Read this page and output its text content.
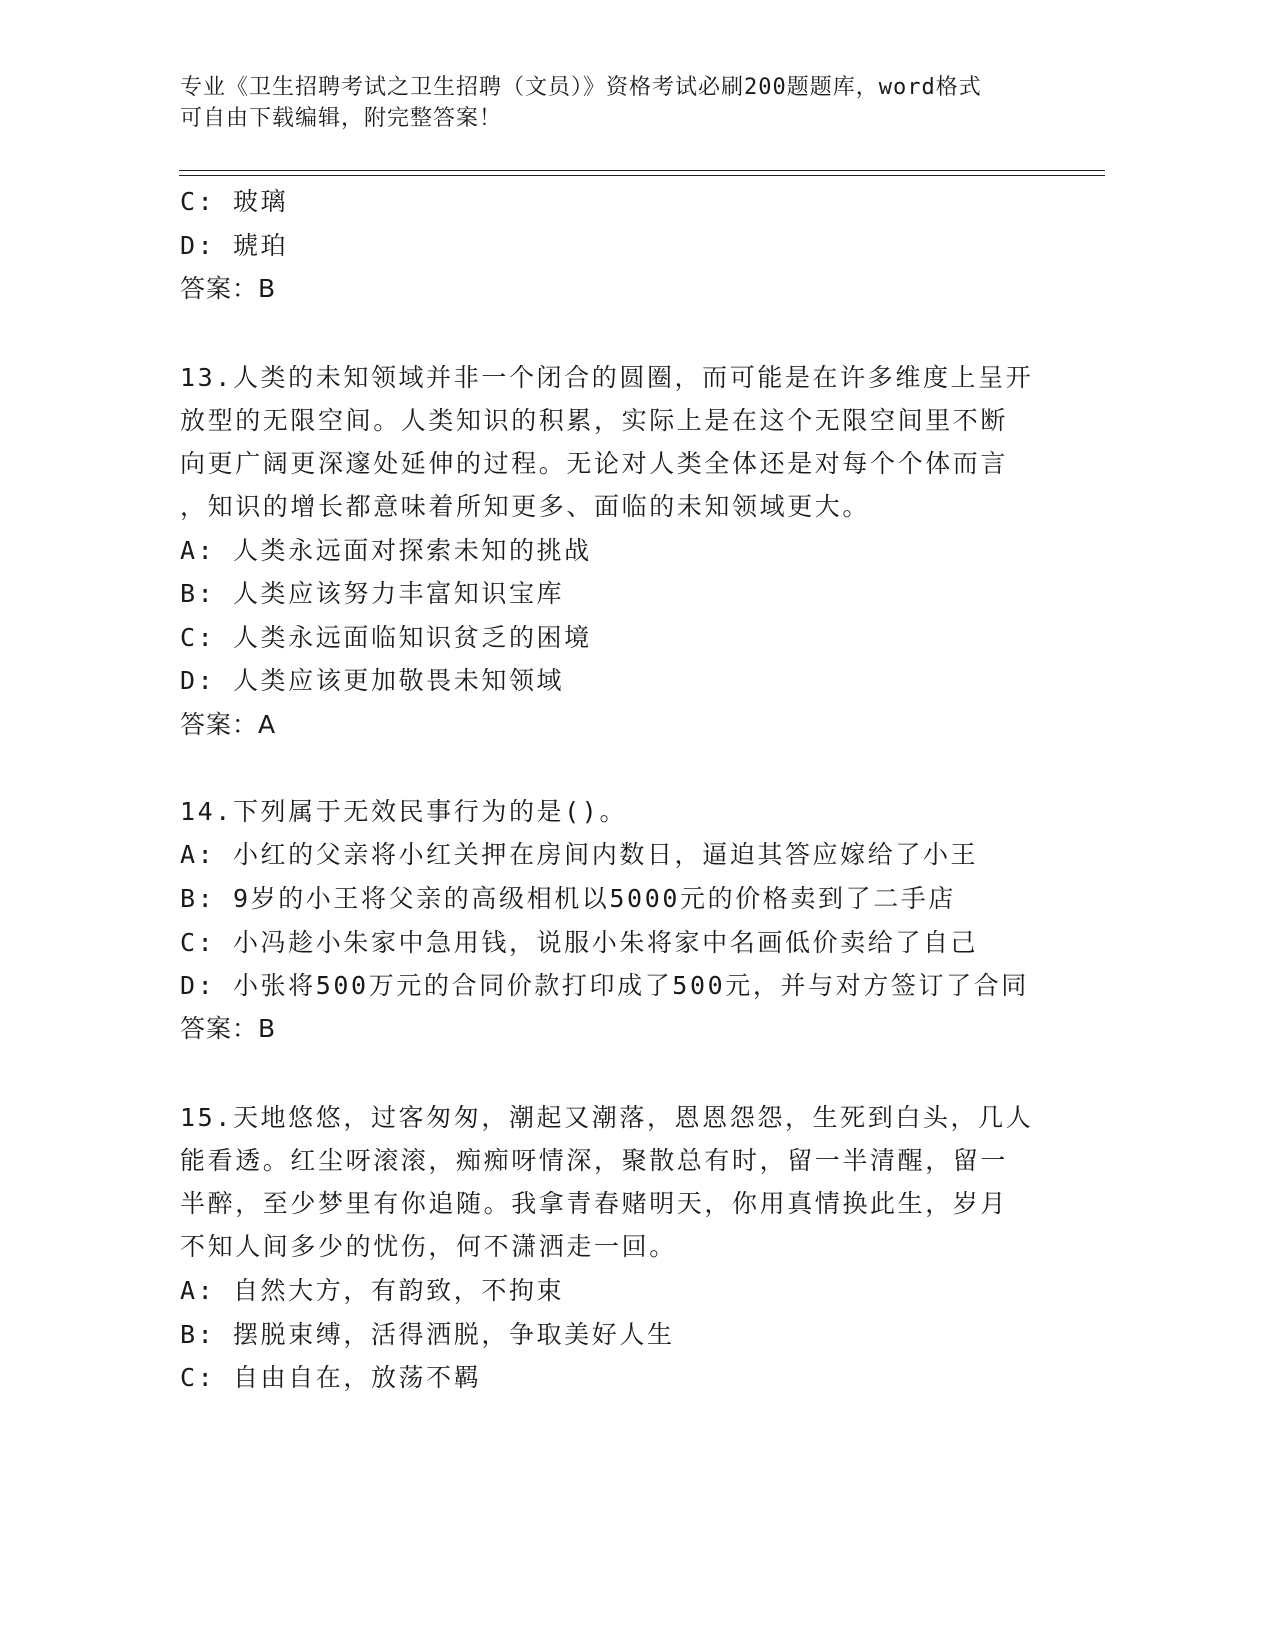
专业《卫生招聘考试之卫生招聘（文员）》资格考试必刷200题题库，word格式
可自由下载编辑，附完整答案！
C: 玻璃
D: 琥珀
答案：B
13.人类的未知领域并非一个闭合的圆圈，而可能是在许多维度上呈开
放型的无限空间。人类知识的积累，实际上是在这个无限空间里不断
向更广阔更深邃处延伸的过程。无论对人类全体还是对每个个体而言
，知识的增长都意味着所知更多、面临的未知领域更大。
A: 人类永远面对探索未知的挑战
B: 人类应该努力丰富知识宝库
C: 人类永远面临知识贫乏的困境
D: 人类应该更加敬畏未知领域
答案：A
14.下列属于无效民事行为的是()。
A: 小红的父亲将小红关押在房间内数日，逼迫其答应嫁给了小王
B: 9岁的小王将父亲的高级相机以5000元的价格卖到了二手店
C: 小冯趁小朱家中急用钱，说服小朱将家中名画低价卖给了自己
D: 小张将500万元的合同价款打印成了500元，并与对方签订了合同
答案：B
15.天地悠悠，过客匆匆，潮起又潮落，恩恩怨怨，生死到白头，几人
能看透。红尘呀滚滚，痴痴呀情深，聚散总有时，留一半清醒，留一
半醉，至少梦里有你追随。我拿青春赌明天，你用真情换此生，岁月
不知人间多少的忧伤，何不潇洒走一回。
A: 自然大方，有韵致，不拘束
B: 摆脱束缚，活得洒脱，争取美好人生
C: 自由自在，放荡不羁
